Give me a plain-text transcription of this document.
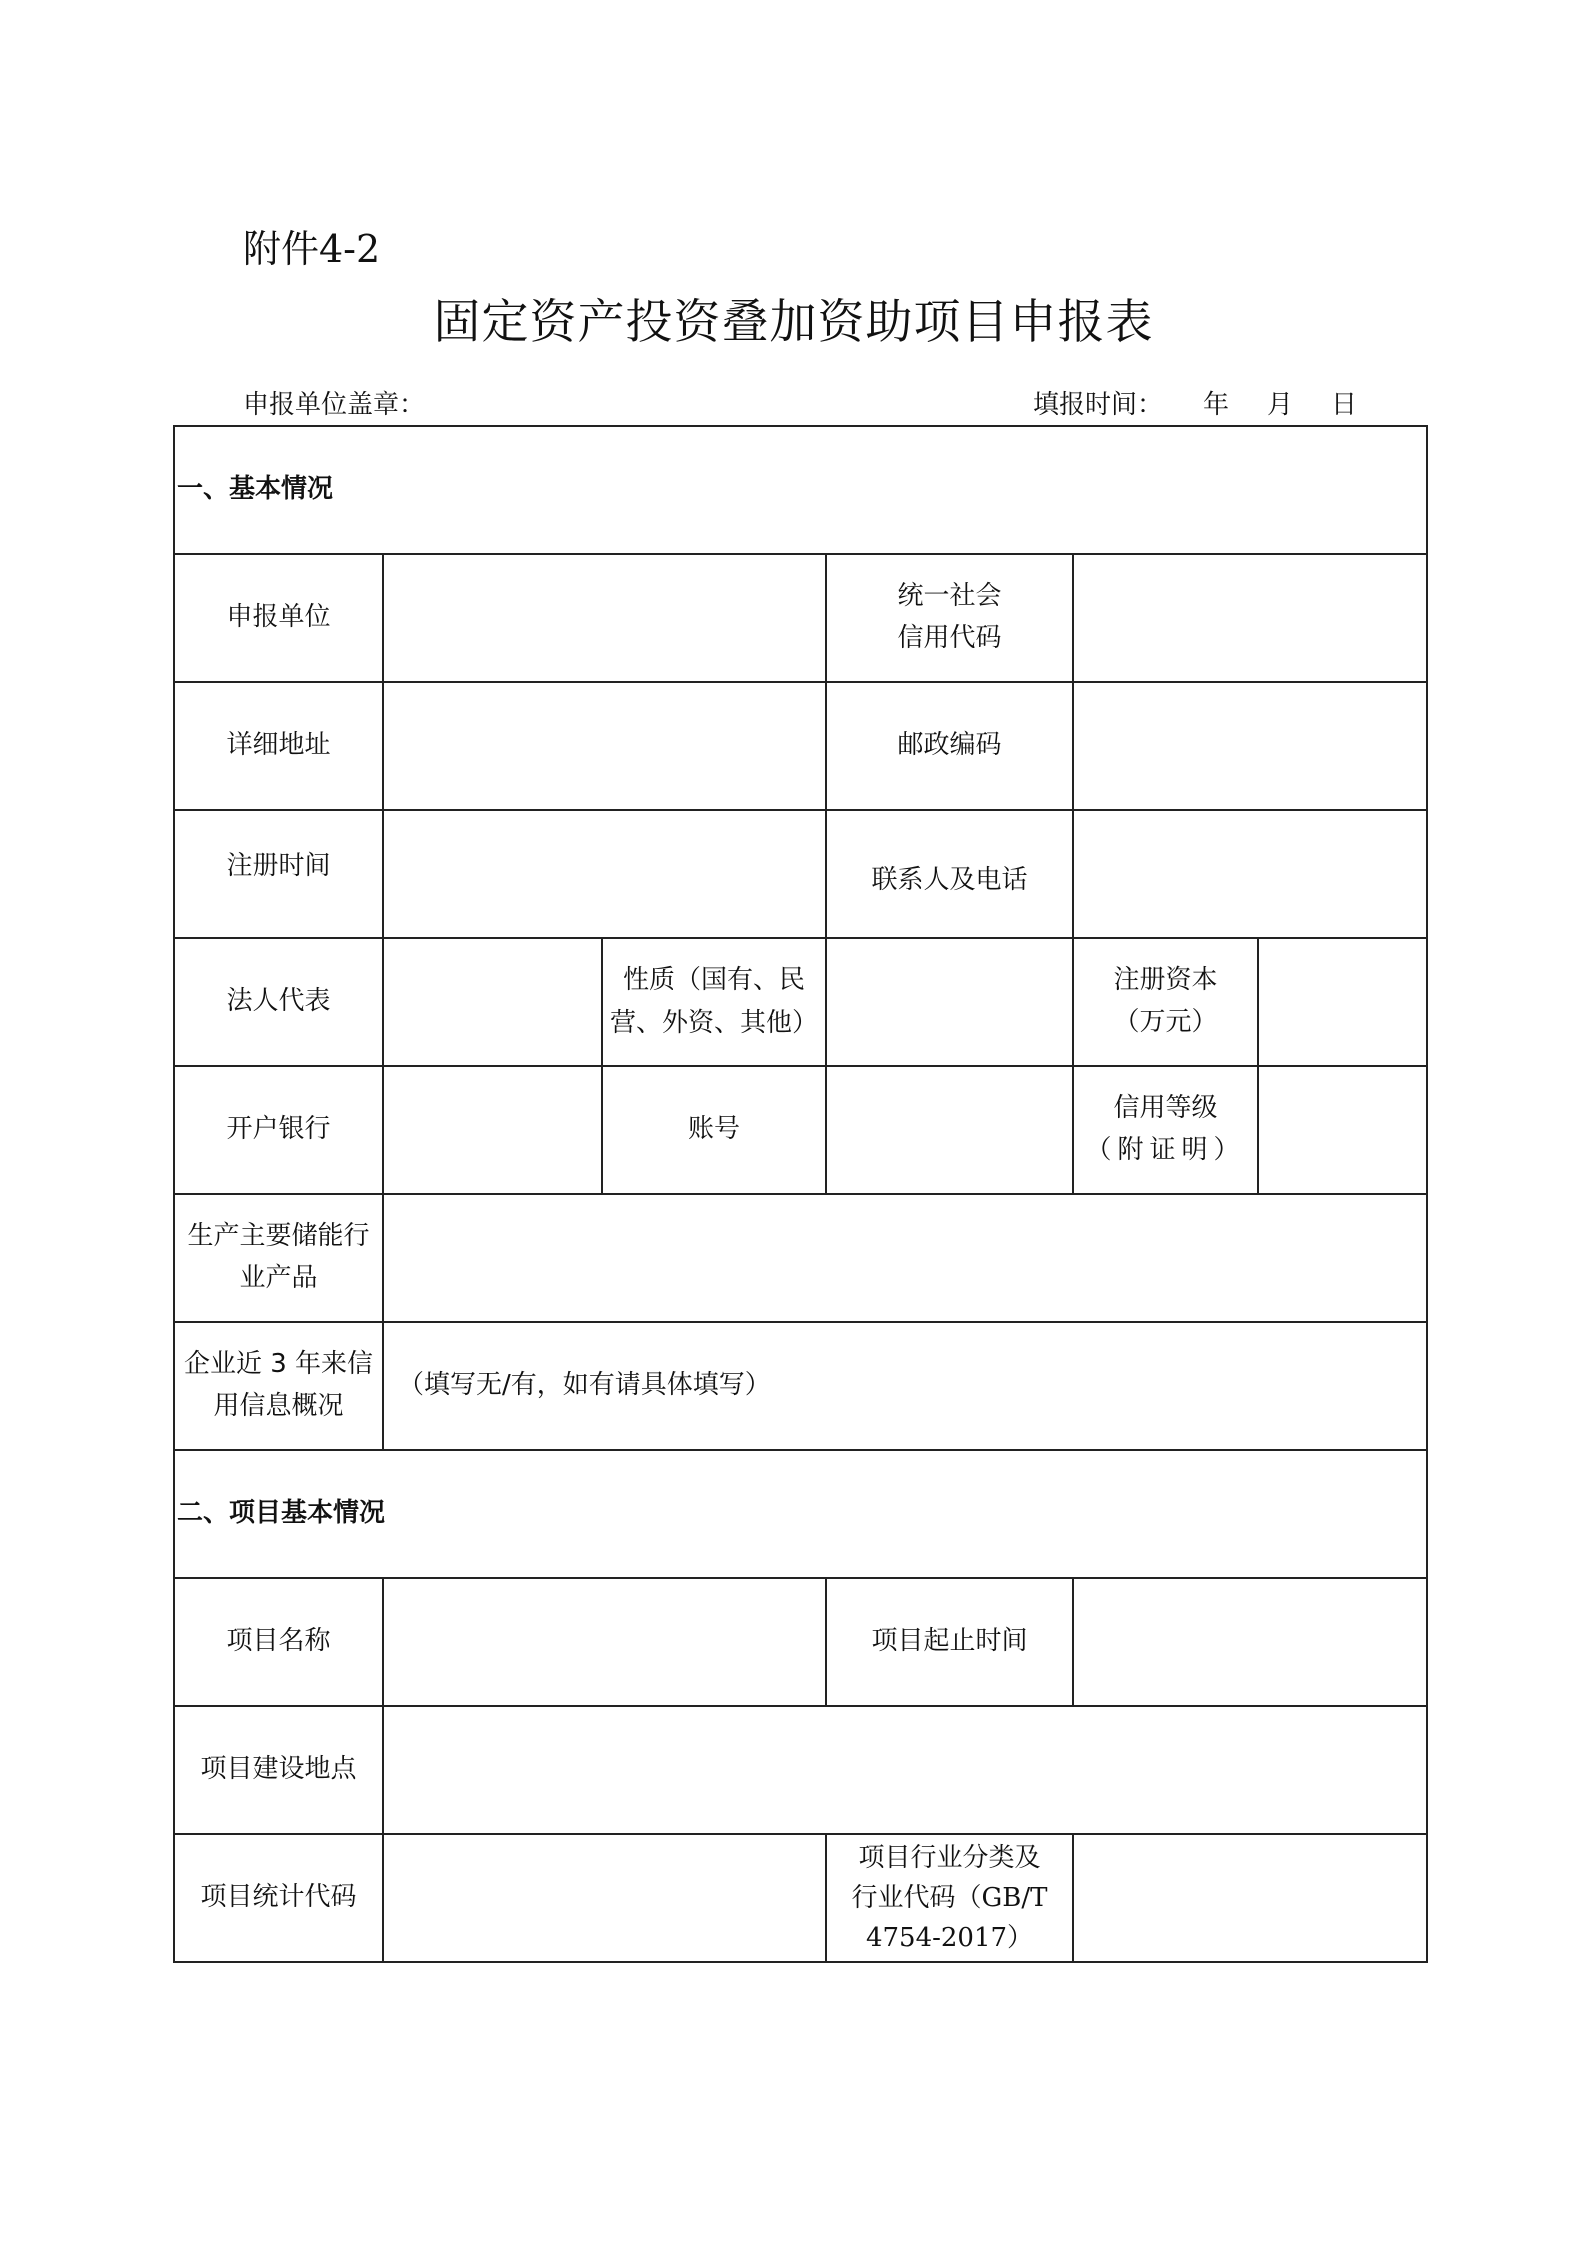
附件4-2
固定资产投资叠加资助项目申报表
申报单位盖章：	填报时间： 年 月 日
一、基本情况					
申报单位			统一社会
信用代码		

详细地址			邮政编码		
注册时间			联系人及电话		
法人代表		性质（国有、民营、外资、其他）		注册资本
（万元）	

开户银行		账号		信用等级
（附证明）	

生产主要储能行业产品					
企业近 3 年来信用信息概况	（填写无/有，如有请具体填写）				
二、项目基本情况					
项目名称			项目起止时间		
项目建设地点					
项目统计代码			项目行业分类及
行业代码（GB/T
4754-2017）		
